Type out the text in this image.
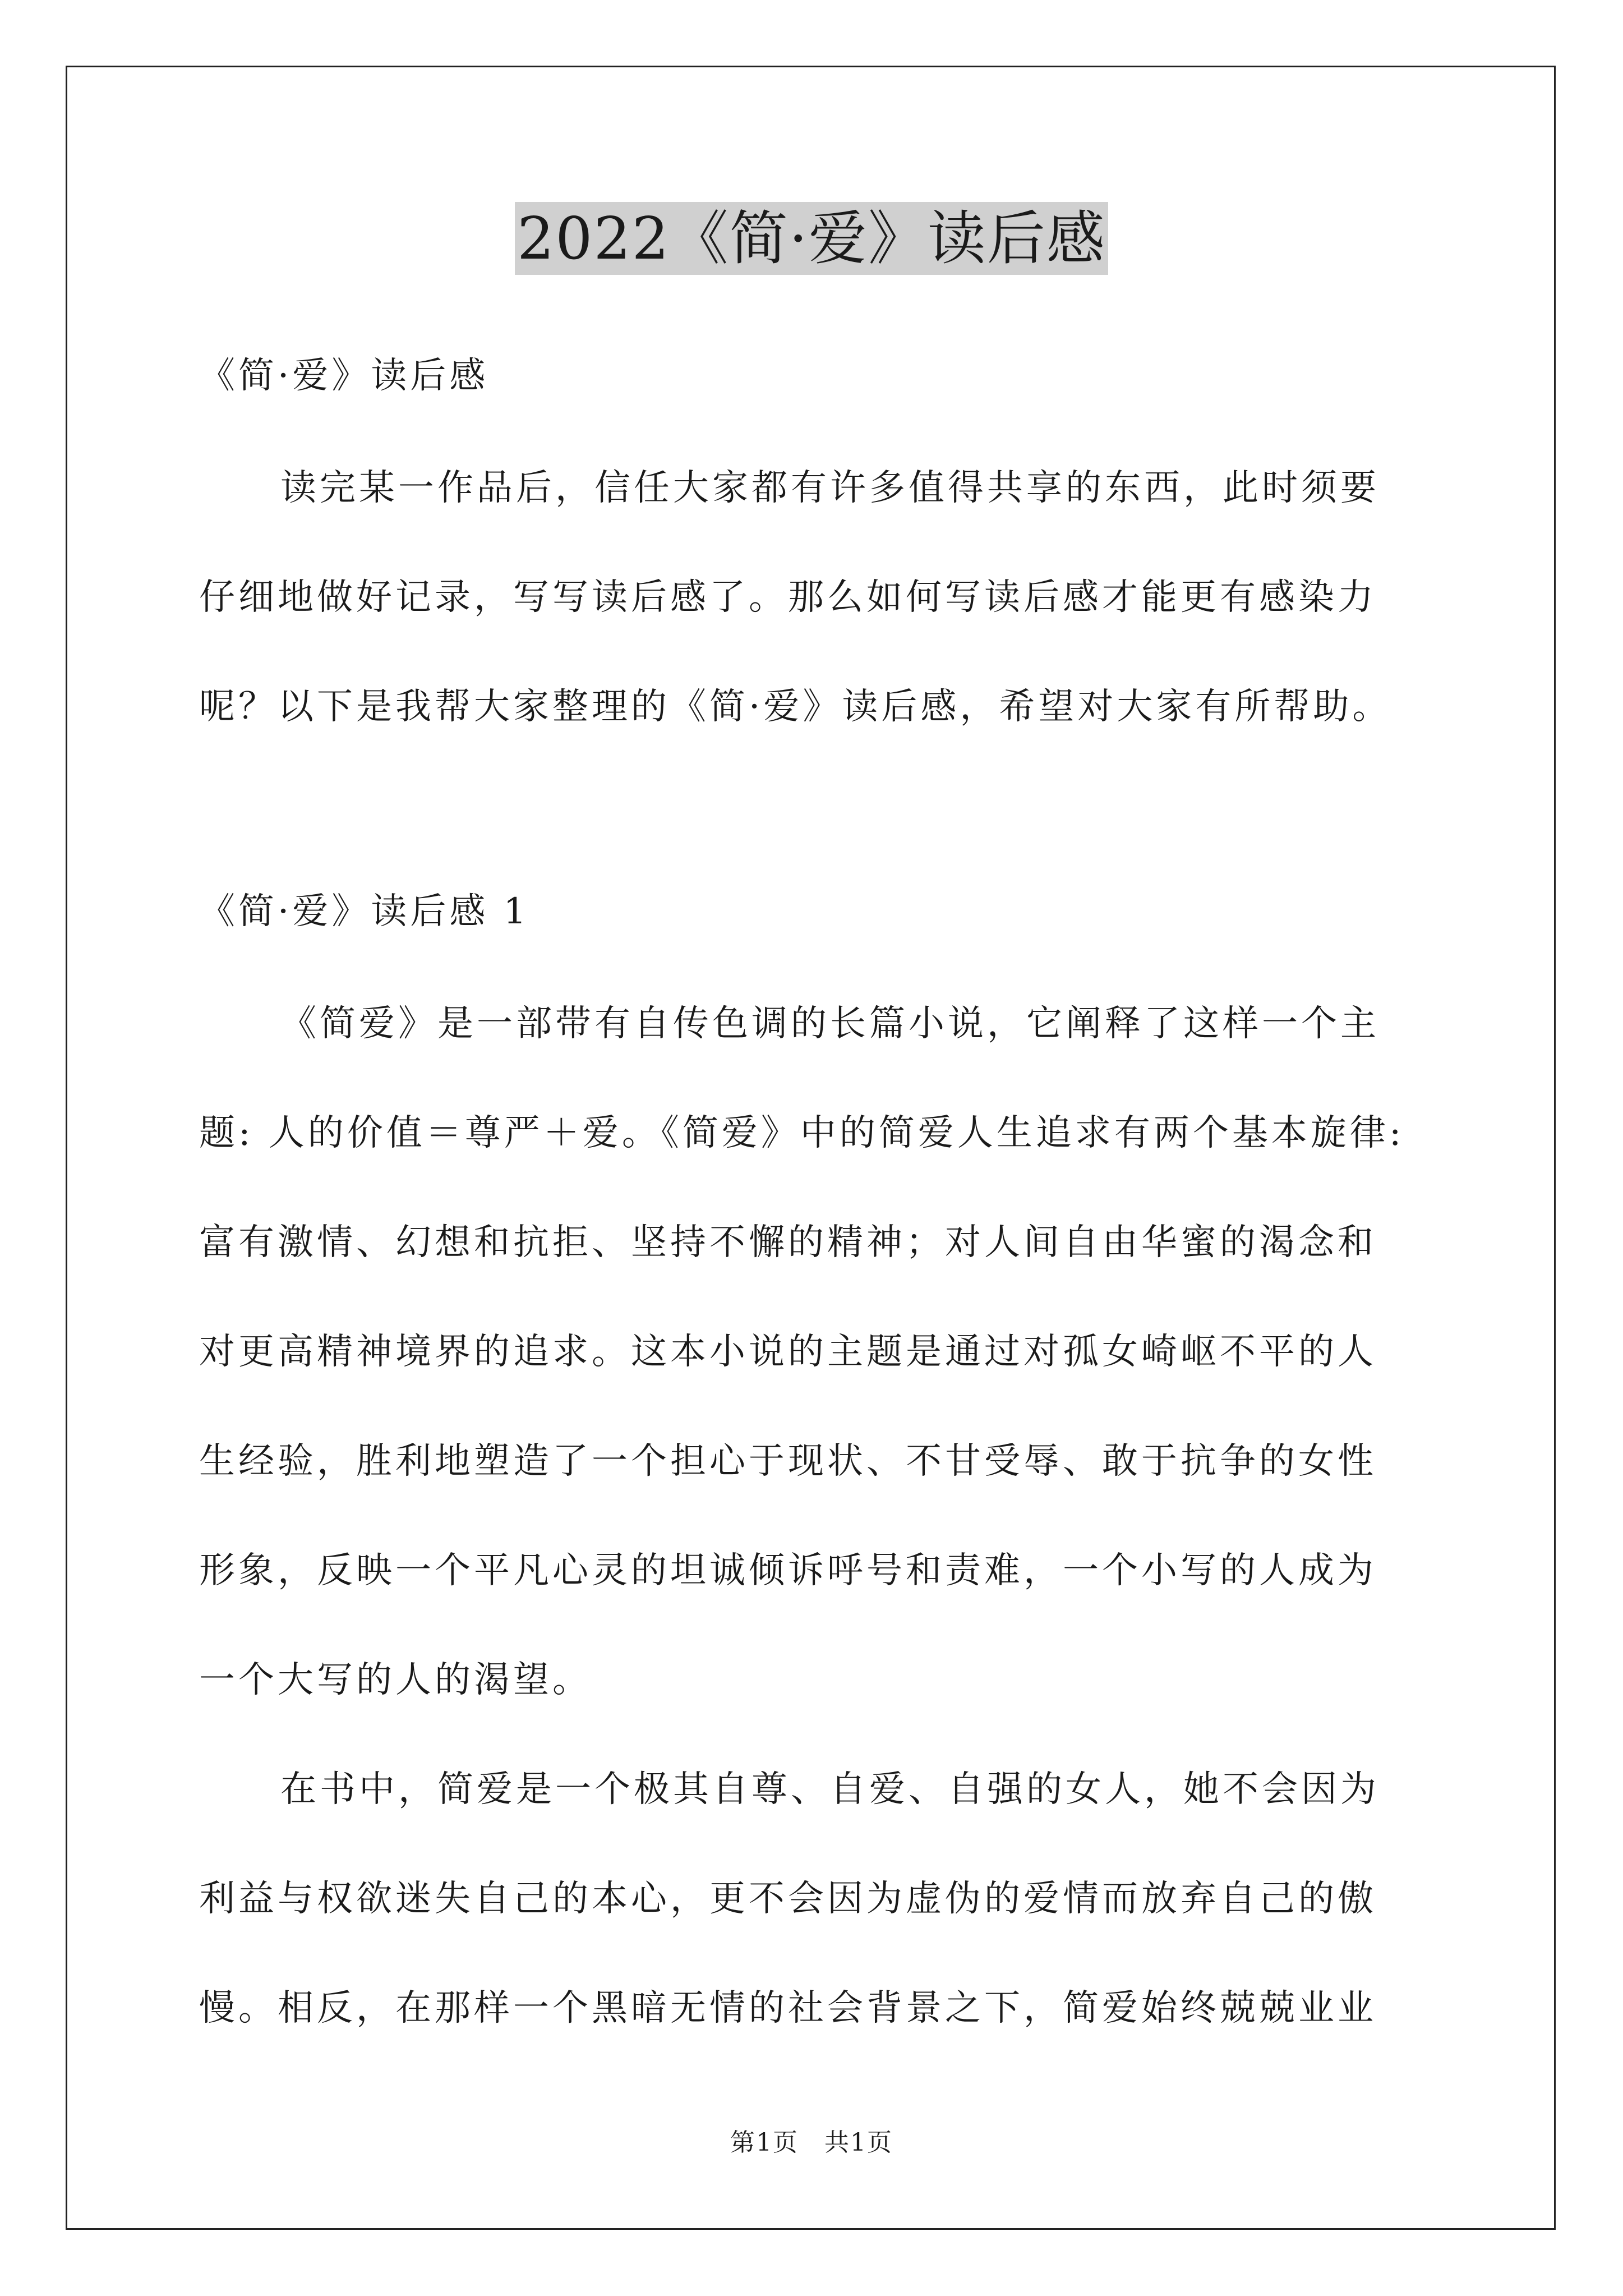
2022《简·爱》读后感
《简·爱》读后感
读完某一作品后，信任大家都有许多值得共享的东西，此时须要
仔细地做好记录，写写读后感了。那么如何写读后感才能更有感染力
呢？以下是我帮大家整理的《简·爱》读后感，希望对大家有所帮助。
《简·爱》读后感 1
《简爱》是一部带有自传色调的长篇小说，它阐释了这样一个主
题: 人的价值＝尊严＋爱。《简爱》中的简爱人生追求有两个基本旋律:
富有激情、幻想和抗拒、坚持不懈的精神；对人间自由华蜜的渴念和
对更高精神境界的追求。这本小说的主题是通过对孤女崎岖不平的人
生经验，胜利地塑造了一个担心于现状、不甘受辱、敢于抗争的女性
形象，反映一个平凡心灵的坦诚倾诉呼号和责难，一个小写的人成为
一个大写的人的渴望。
在书中，简爱是一个极其自尊、自爱、自强的女人，她不会因为
利益与权欲迷失自己的本心，更不会因为虚伪的爱情而放弃自己的傲
慢。相反，在那样一个黑暗无情的社会背景之下，简爱始终兢兢业业
第1页　共1页
